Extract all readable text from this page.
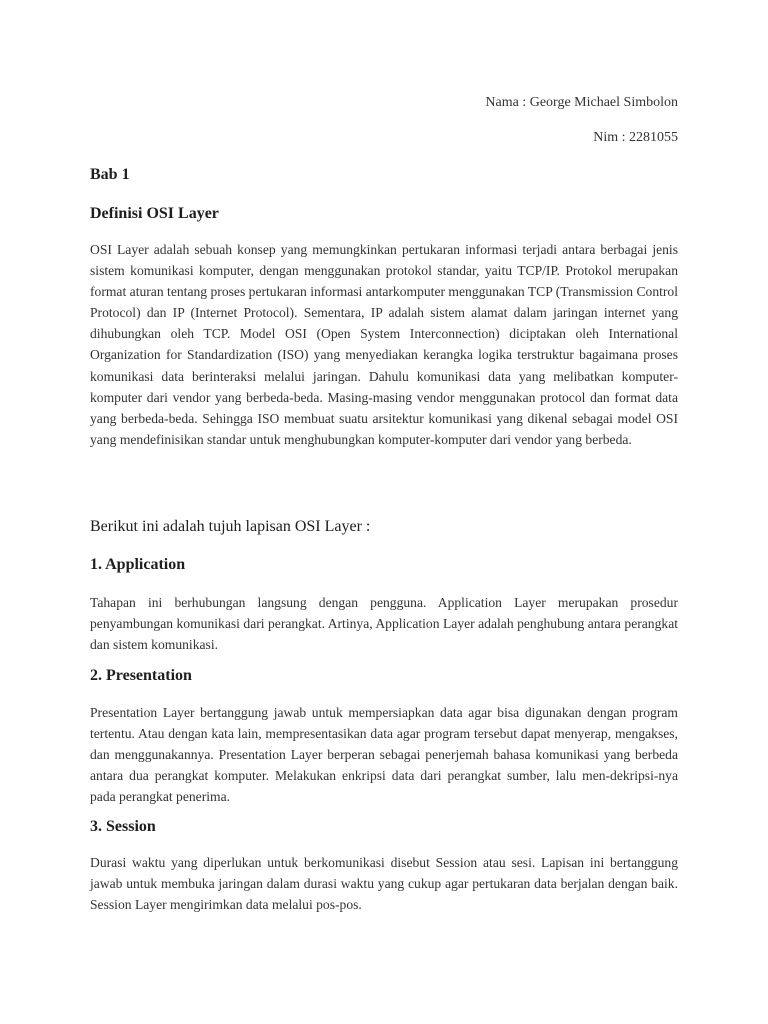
Nama : George Michael Simbolon
Nim : 2281055
Bab 1
Definisi OSI Layer
OSI Layer adalah sebuah konsep yang memungkinkan pertukaran informasi terjadi antara berbagai jenis sistem komunikasi komputer, dengan menggunakan protokol standar, yaitu TCP/IP. Protokol merupakan format aturan tentang proses pertukaran informasi antarkomputer menggunakan TCP (Transmission Control Protocol) dan IP (Internet Protocol). Sementara, IP adalah sistem alamat dalam jaringan internet yang dihubungkan oleh TCP. Model OSI (Open System Interconnection) diciptakan oleh International Organization for Standardization (ISO) yang menyediakan kerangka logika terstruktur bagaimana proses komunikasi data berinteraksi melalui jaringan. Dahulu komunikasi data yang melibatkan komputer-komputer dari vendor yang berbeda-beda. Masing-masing vendor menggunakan protocol dan format data yang berbeda-beda. Sehingga ISO membuat suatu arsitektur komunikasi yang dikenal sebagai model OSI yang mendefinisikan standar untuk menghubungkan komputer-komputer dari vendor yang berbeda.
Berikut ini adalah tujuh lapisan OSI Layer :
1. Application
Tahapan ini berhubungan langsung dengan pengguna. Application Layer merupakan prosedur penyambungan komunikasi dari perangkat. Artinya, Application Layer adalah penghubung antara perangkat dan sistem komunikasi.
2. Presentation
Presentation Layer bertanggung jawab untuk mempersiapkan data agar bisa digunakan dengan program tertentu. Atau dengan kata lain, mempresentasikan data agar program tersebut dapat menyerap, mengakses, dan menggunakannya. Presentation Layer berperan sebagai penerjemah bahasa komunikasi yang berbeda antara dua perangkat komputer. Melakukan enkripsi data dari perangkat sumber, lalu men-dekripsi-nya pada perangkat penerima.
3. Session
Durasi waktu yang diperlukan untuk berkomunikasi disebut Session atau sesi. Lapisan ini bertanggung jawab untuk membuka jaringan dalam durasi waktu yang cukup agar pertukaran data berjalan dengan baik. Session Layer mengirimkan data melalui pos-pos.
